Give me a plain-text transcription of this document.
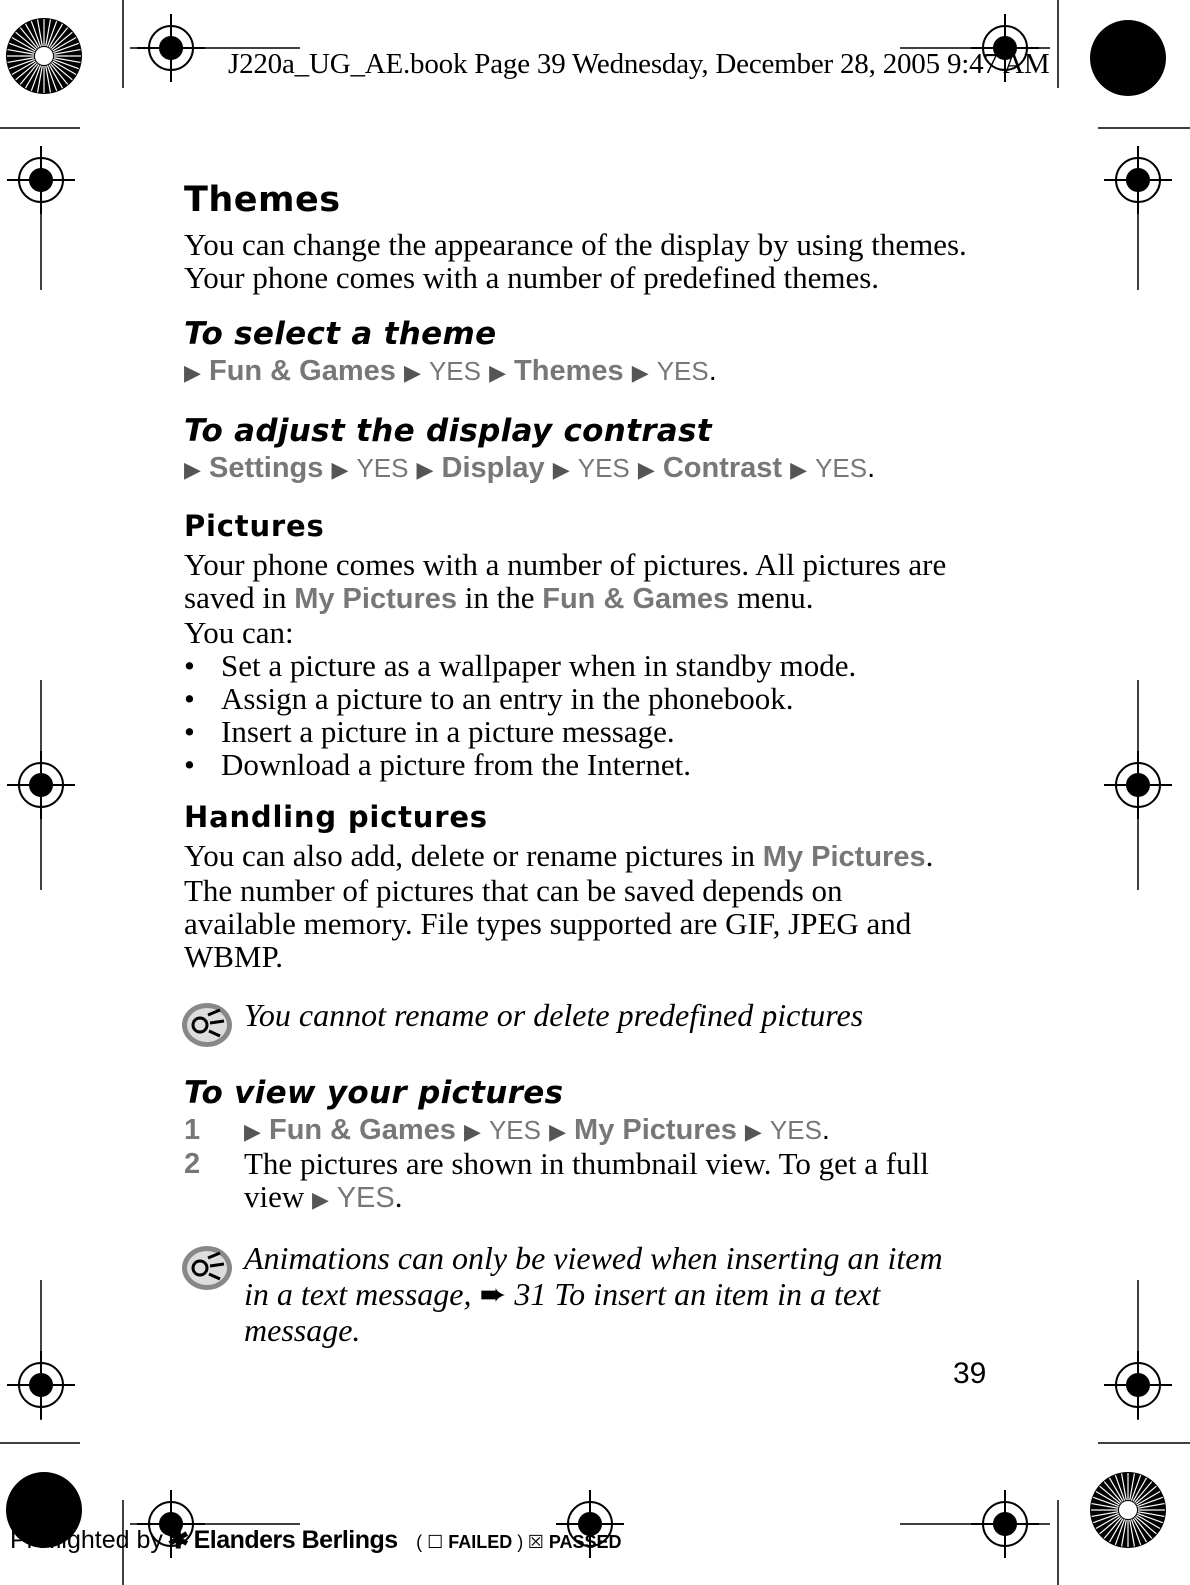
J220a_UG_AE.book Page 39 Wednesday, December 28, 2005 9:47 AM
Themes
You can change the appearance of the display by using themes.
Your phone comes with a number of predefined themes.
To select a theme
▶ Fun & Games ▶ YES ▶ Themes ▶ YES.
To adjust the display contrast
▶ Settings ▶ YES ▶ Display ▶ YES ▶ Contrast ▶ YES.
Pictures
Your phone comes with a number of pictures. All pictures are
saved in My Pictures in the Fun & Games menu.
You can:
• Set a picture as a wallpaper when in standby mode.
• Assign a picture to an entry in the phonebook.
• Insert a picture in a picture message.
• Download a picture from the Internet.
Handling pictures
You can also add, delete or rename pictures in My Pictures.
The number of pictures that can be saved depends on
available memory. File types supported are GIF, JPEG and
WBMP.
You cannot rename or delete predefined pictures
To view your pictures
1 ▶ Fun & Games ▶ YES ▶ My Pictures ▶ YES.
2 The pictures are shown in thumbnail view. To get a full
view ▶ YES.
Animations can only be viewed when inserting an item
in a text message, ➨ 31 To insert an item in a text
message.
39
Preflighted by ✱ Elanders Berlings ( ☐ FAILED ) ☒ PASSED
